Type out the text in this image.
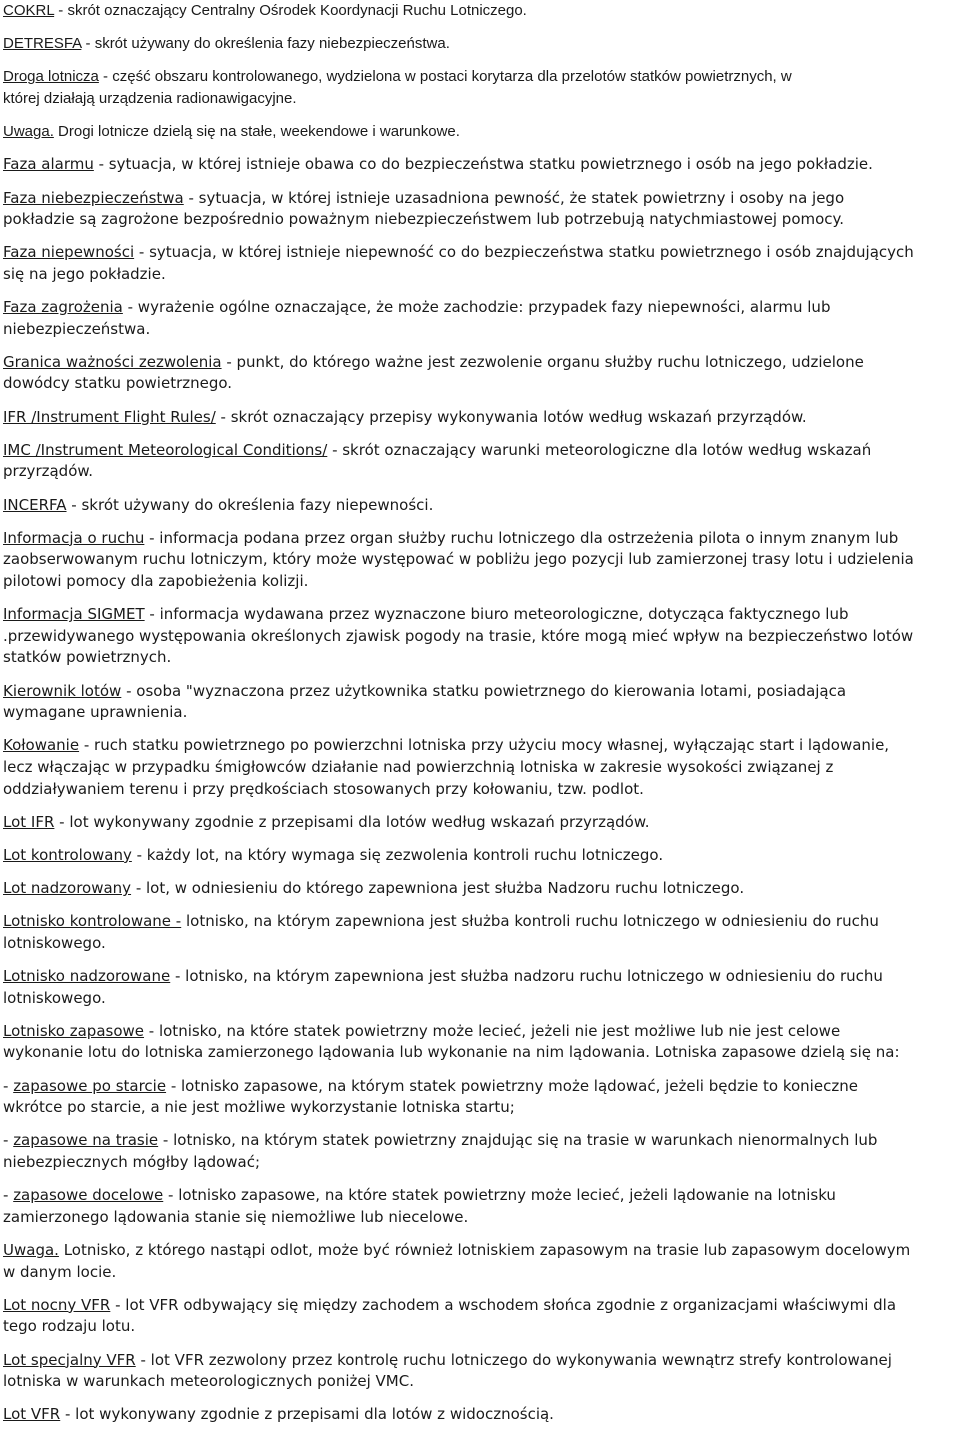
COKRL - skrót oznaczający Centralny Ośrodek Koordynacji Ruchu Lotniczego.

DETRESFA - skrót używany do określenia fazy niebezpieczeństwa.

Droga lotnicza - część obszaru kontrolowanego, wydzielona w postaci korytarza dla przelotów statków powietrznych, w
której działają urządzenia radionawigacyjne.

Uwaga. Drogi lotnicze dzielą się na stałe, weekendowe i warunkowe.

Faza alarmu - sytuacja, w której istnieje obawa co do bezpieczeństwa statku powietrznego i osób na jego pokładzie.

Faza niebezpieczeństwa - sytuacja, w której istnieje uzasadniona pewność, że statek powietrzny i osoby na jego
pokładzie są zagrożone bezpośrednio poważnym niebezpieczeństwem lub potrzebują natychmiastowej pomocy.

Faza niepewności - sytuacja, w której istnieje niepewność co do bezpieczeństwa statku powietrznego i osób znajdujących
się na jego pokładzie.

Faza zagrożenia - wyrażenie ogólne oznaczające, że może zachodzie: przypadek fazy niepewności, alarmu lub
niebezpieczeństwa.

Granica ważności zezwolenia - punkt, do którego ważne jest zezwolenie organu służby ruchu lotniczego, udzielone
dowódcy statku powietrznego.

IFR /Instrument Flight Rules/ - skrót oznaczający przepisy wykonywania lotów według wskazań przyrządów.

IMC /Instrument Meteorological Conditions/ - skrót oznaczający warunki meteorologiczne dla lotów według wskazań
przyrządów.

INCERFA - skrót używany do określenia fazy niepewności.

Informacja o ruchu - informacja podana przez organ służby ruchu lotniczego dla ostrzeżenia pilota o innym znanym lub
zaobserwowanym ruchu lotniczym, który może występować w pobliżu jego pozycji lub zamierzonej trasy lotu i udzielenia
pilotowi pomocy dla zapobieżenia kolizji.

Informacja SIGMET - informacja wydawana przez wyznaczone biuro meteorologiczne, dotycząca faktycznego lub
.przewidywanego występowania określonych zjawisk pogody na trasie, które mogą mieć wpływ na bezpieczeństwo lotów
statków powietrznych.

Kierownik lotów - osoba "wyznaczona przez użytkownika statku powietrznego do kierowania lotami, posiadająca
wymagane uprawnienia.

Kołowanie - ruch statku powietrznego po powierzchni lotniska przy użyciu mocy własnej, wyłączając start i lądowanie,
lecz włączając w przypadku śmigłowców działanie nad powierzchnią lotniska w zakresie wysokości związanej z
oddziaływaniem terenu i przy prędkościach stosowanych przy kołowaniu, tzw. podlot.

Lot IFR - lot wykonywany zgodnie z przepisami dla lotów według wskazań przyrządów.

Lot kontrolowany - każdy lot, na który wymaga się zezwolenia kontroli ruchu lotniczego.

Lot nadzorowany - lot, w odniesieniu do którego zapewniona jest służba Nadzoru ruchu lotniczego.

Lotnisko kontrolowane - lotnisko, na którym zapewniona jest służba kontroli ruchu lotniczego w odniesieniu do ruchu
lotniskowego.

Lotnisko nadzorowane - lotnisko, na którym zapewniona jest służba nadzoru ruchu lotniczego w odniesieniu do ruchu
lotniskowego.

Lotnisko zapasowe - lotnisko, na które statek powietrzny może lecieć, jeżeli nie jest możliwe lub nie jest celowe
wykonanie lotu do lotniska zamierzonego lądowania lub wykonanie na nim lądowania. Lotniska zapasowe dzielą się na:

- zapasowe po starcie - lotnisko zapasowe, na którym statek powietrzny może lądować, jeżeli będzie to konieczne
wkrótce po starcie, a nie jest możliwe wykorzystanie lotniska startu;

- zapasowe na trasie - lotnisko, na którym statek powietrzny znajdując się na trasie w warunkach nienormalnych lub
niebezpiecznych mógłby lądować;

- zapasowe docelowe - lotnisko zapasowe, na które statek powietrzny może lecieć, jeżeli lądowanie na lotnisku
zamierzonego lądowania stanie się niemożliwe lub niecelowe.

Uwaga. Lotnisko, z którego nastąpi odlot, może być również lotniskiem zapasowym na trasie lub zapasowym docelowym
w danym locie.

Lot nocny VFR - lot VFR odbywający się między zachodem a wschodem słońca zgodnie z organizacjami właściwymi dla
tego rodzaju lotu.

Lot specjalny VFR - lot VFR zezwolony przez kontrolę ruchu lotniczego do wykonywania wewnątrz strefy kontrolowanej
lotniska w warunkach meteorologicznych poniżej VMC.

Lot VFR - lot wykonywany zgodnie z przepisami dla lotów z widocznością.
